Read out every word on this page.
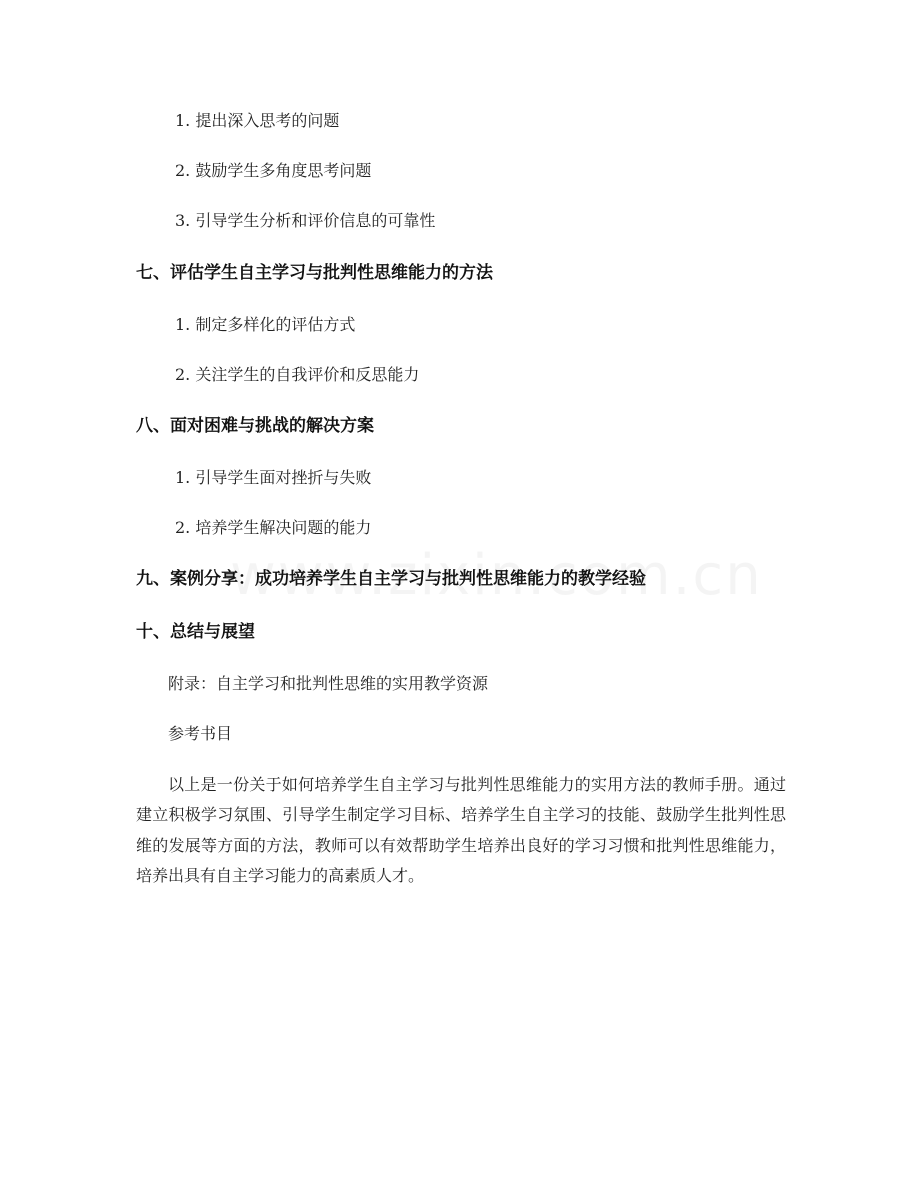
1. 提出深入思考的问题
2. 鼓励学生多角度思考问题
3. 引导学生分析和评价信息的可靠性
七、评估学生自主学习与批判性思维能力的方法
1. 制定多样化的评估方式
2. 关注学生的自我评价和反思能力
八、面对困难与挑战的解决方案
1. 引导学生面对挫折与失败
2. 培养学生解决问题的能力
九、案例分享：成功培养学生自主学习与批判性思维能力的教学经验
十、总结与展望
附录：自主学习和批判性思维的实用教学资源
参考书目

以上是一份关于如何培养学生自主学习与批判性思维能力的实用方法的教师手册。通过建立积极学习氛围、引导学生制定学习目标、培养学生自主学习的技能、鼓励学生批判性思维的发展等方面的方法，教师可以有效帮助学生培养出良好的学习习惯和批判性思维能力，培养出具有自主学习能力的高素质人才。
